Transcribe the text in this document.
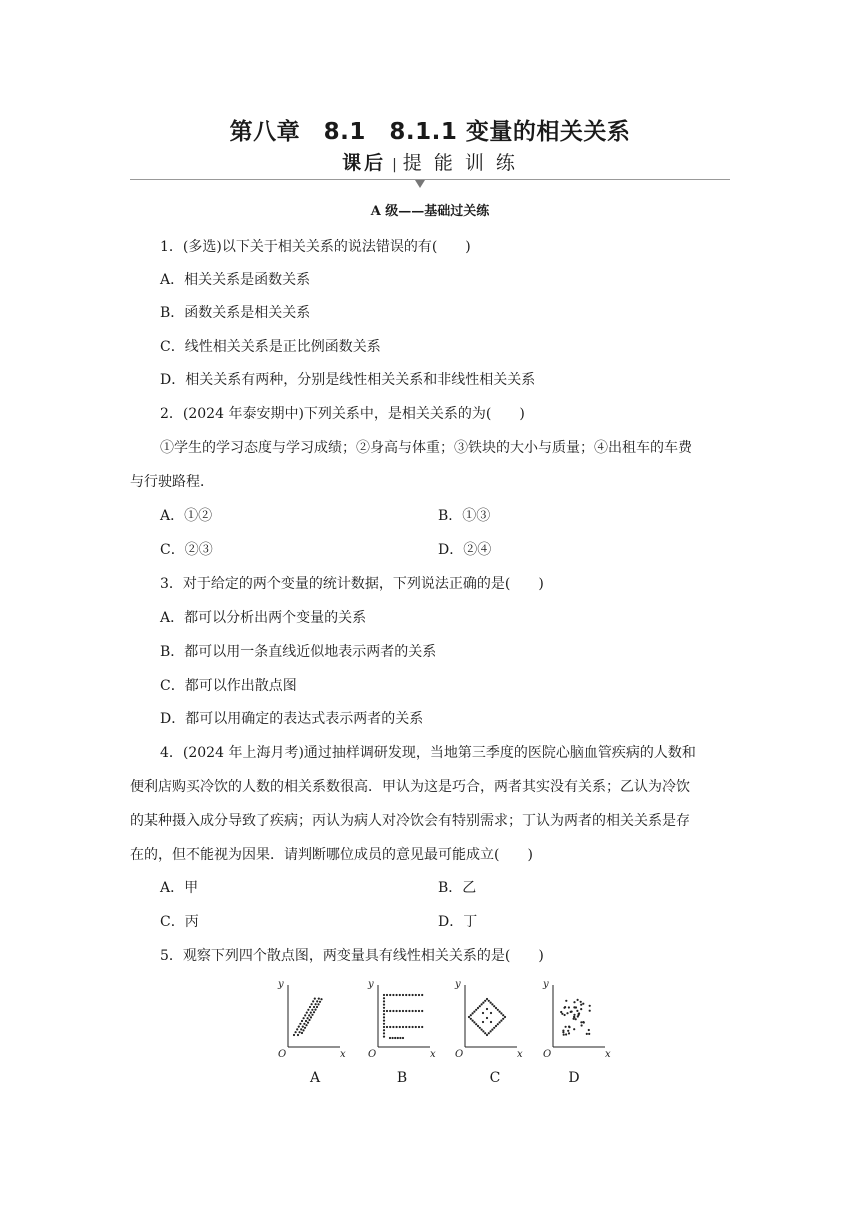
第八章　8.1　8.1.1 变量的相关关系
课后 | 提 能 训 练
A 级——基础过关练
1．(多选)以下关于相关关系的说法错误的有(　　)
A．相关关系是函数关系
B．函数关系是相关关系
C．线性相关关系是正比例函数关系
D．相关关系有两种，分别是线性相关关系和非线性相关关系
2．(2024 年泰安期中)下列关系中，是相关关系的为(　　)
①学生的学习态度与学习成绩；②身高与体重；③铁块的大小与质量；④出租车的车费
与行驶路程．
A．①②	B．①③
C．②③	D．②④
3．对于给定的两个变量的统计数据，下列说法正确的是(　　)
A．都可以分析出两个变量的关系
B．都可以用一条直线近似地表示两者的关系
C．都可以作出散点图
D．都可以用确定的表达式表示两者的关系
4．(2024 年上海月考)通过抽样调研发现，当地第三季度的医院心脑血管疾病的人数和
便利店购买冷饮的人数的相关系数很高．甲认为这是巧合，两者其实没有关系；乙认为冷饮
的某种摄入成分导致了疾病；丙认为病人对冷饮会有特别需求；丁认为两者的相关关系是存
在的，但不能视为因果．请判断哪位成员的意见最可能成立(　　)
A．甲	B．乙
C．丙	D．丁
5．观察下列四个散点图，两变量具有线性相关关系的是(　　)
y
x
O
y
x
O
y
x
O
y
x
O
A	B	C	D
